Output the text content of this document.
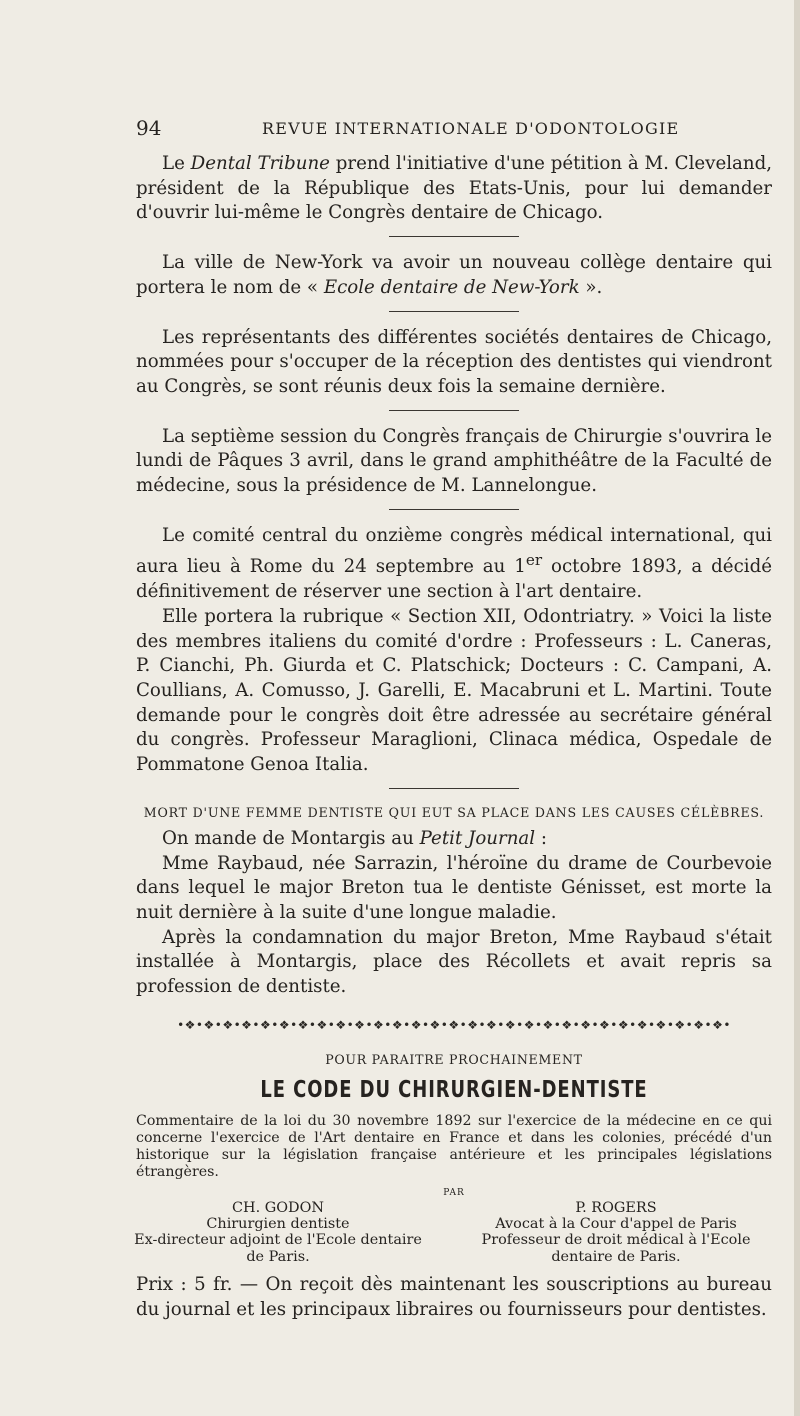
94	REVUE INTERNATIONALE D'ODONTOLOGIE

Le Dental Tribune prend l'initiative d'une pétition à M. Cleveland, président de la République des Etats-Unis, pour lui demander d'ouvrir lui-même le Congrès dentaire de Chicago.

La ville de New-York va avoir un nouveau collège dentaire qui portera le nom de « Ecole dentaire de New-York ».

Les représentants des différentes sociétés dentaires de Chicago, nommées pour s'occuper de la réception des dentistes qui viendront au Congrès, se sont réunis deux fois la semaine dernière.

La septième session du Congrès français de Chirurgie s'ouvrira le lundi de Pâques 3 avril, dans le grand amphithéâtre de la Faculté de médecine, sous la présidence de M. Lannelongue.

Le comité central du onzième congrès médical international, qui aura lieu à Rome du 24 septembre au 1er octobre 1893, a décidé définitivement de réserver une section à l'art dentaire.

Elle portera la rubrique « Section XII, Odontriatry. » Voici la liste des membres italiens du comité d'ordre : Professeurs : L. Caneras, P. Cianchi, Ph. Giurda et C. Platschick; Docteurs : C. Campani, A. Coullians, A. Comusso, J. Garelli, E. Macabruni et L. Martini. Toute demande pour le congrès doit être adressée au secrétaire général du congrès. Professeur Maraglioni, Clinaca médica, Ospedale de Pommatone Genoa Italia.

MORT D'UNE FEMME DENTISTE QUI EUT SA PLACE DANS LES CAUSES CÉLÈBRES.

On mande de Montargis au Petit Journal :

Mme Raybaud, née Sarrazin, l'héroïne du drame de Courbevoie dans lequel le major Breton tua le dentiste Génisset, est morte la nuit dernière à la suite d'une longue maladie.

Après la condamnation du major Breton, Mme Raybaud s'était installée à Montargis, place des Récollets et avait repris sa profession de dentiste.

•❖•❖•❖•❖•❖•❖•❖•❖•❖•❖•❖•❖•❖•❖•❖•❖•❖•❖•❖•❖•❖•❖•❖•❖•❖•❖•❖•❖•❖•
POUR PARAITRE PROCHAINEMENT
LE CODE DU CHIRURGIEN-DENTISTE
Commentaire de la loi du 30 novembre 1892 sur l'exercice de la médecine en ce qui concerne l'exercice de l'Art dentaire en France et dans les colonies, précédé d'un historique sur la législation française antérieure et les principales législations étrangères.
PAR
CH. GODON
Chirurgien dentiste
Ex-directeur adjoint de l'Ecole dentaire
de Paris.
P. ROGERS
Avocat à la Cour d'appel de Paris
Professeur de droit médical à l'Ecole
dentaire de Paris.
Prix : 5 fr. — On reçoit dès maintenant les souscriptions au bureau du journal et les principaux libraires ou fournisseurs pour dentistes.
